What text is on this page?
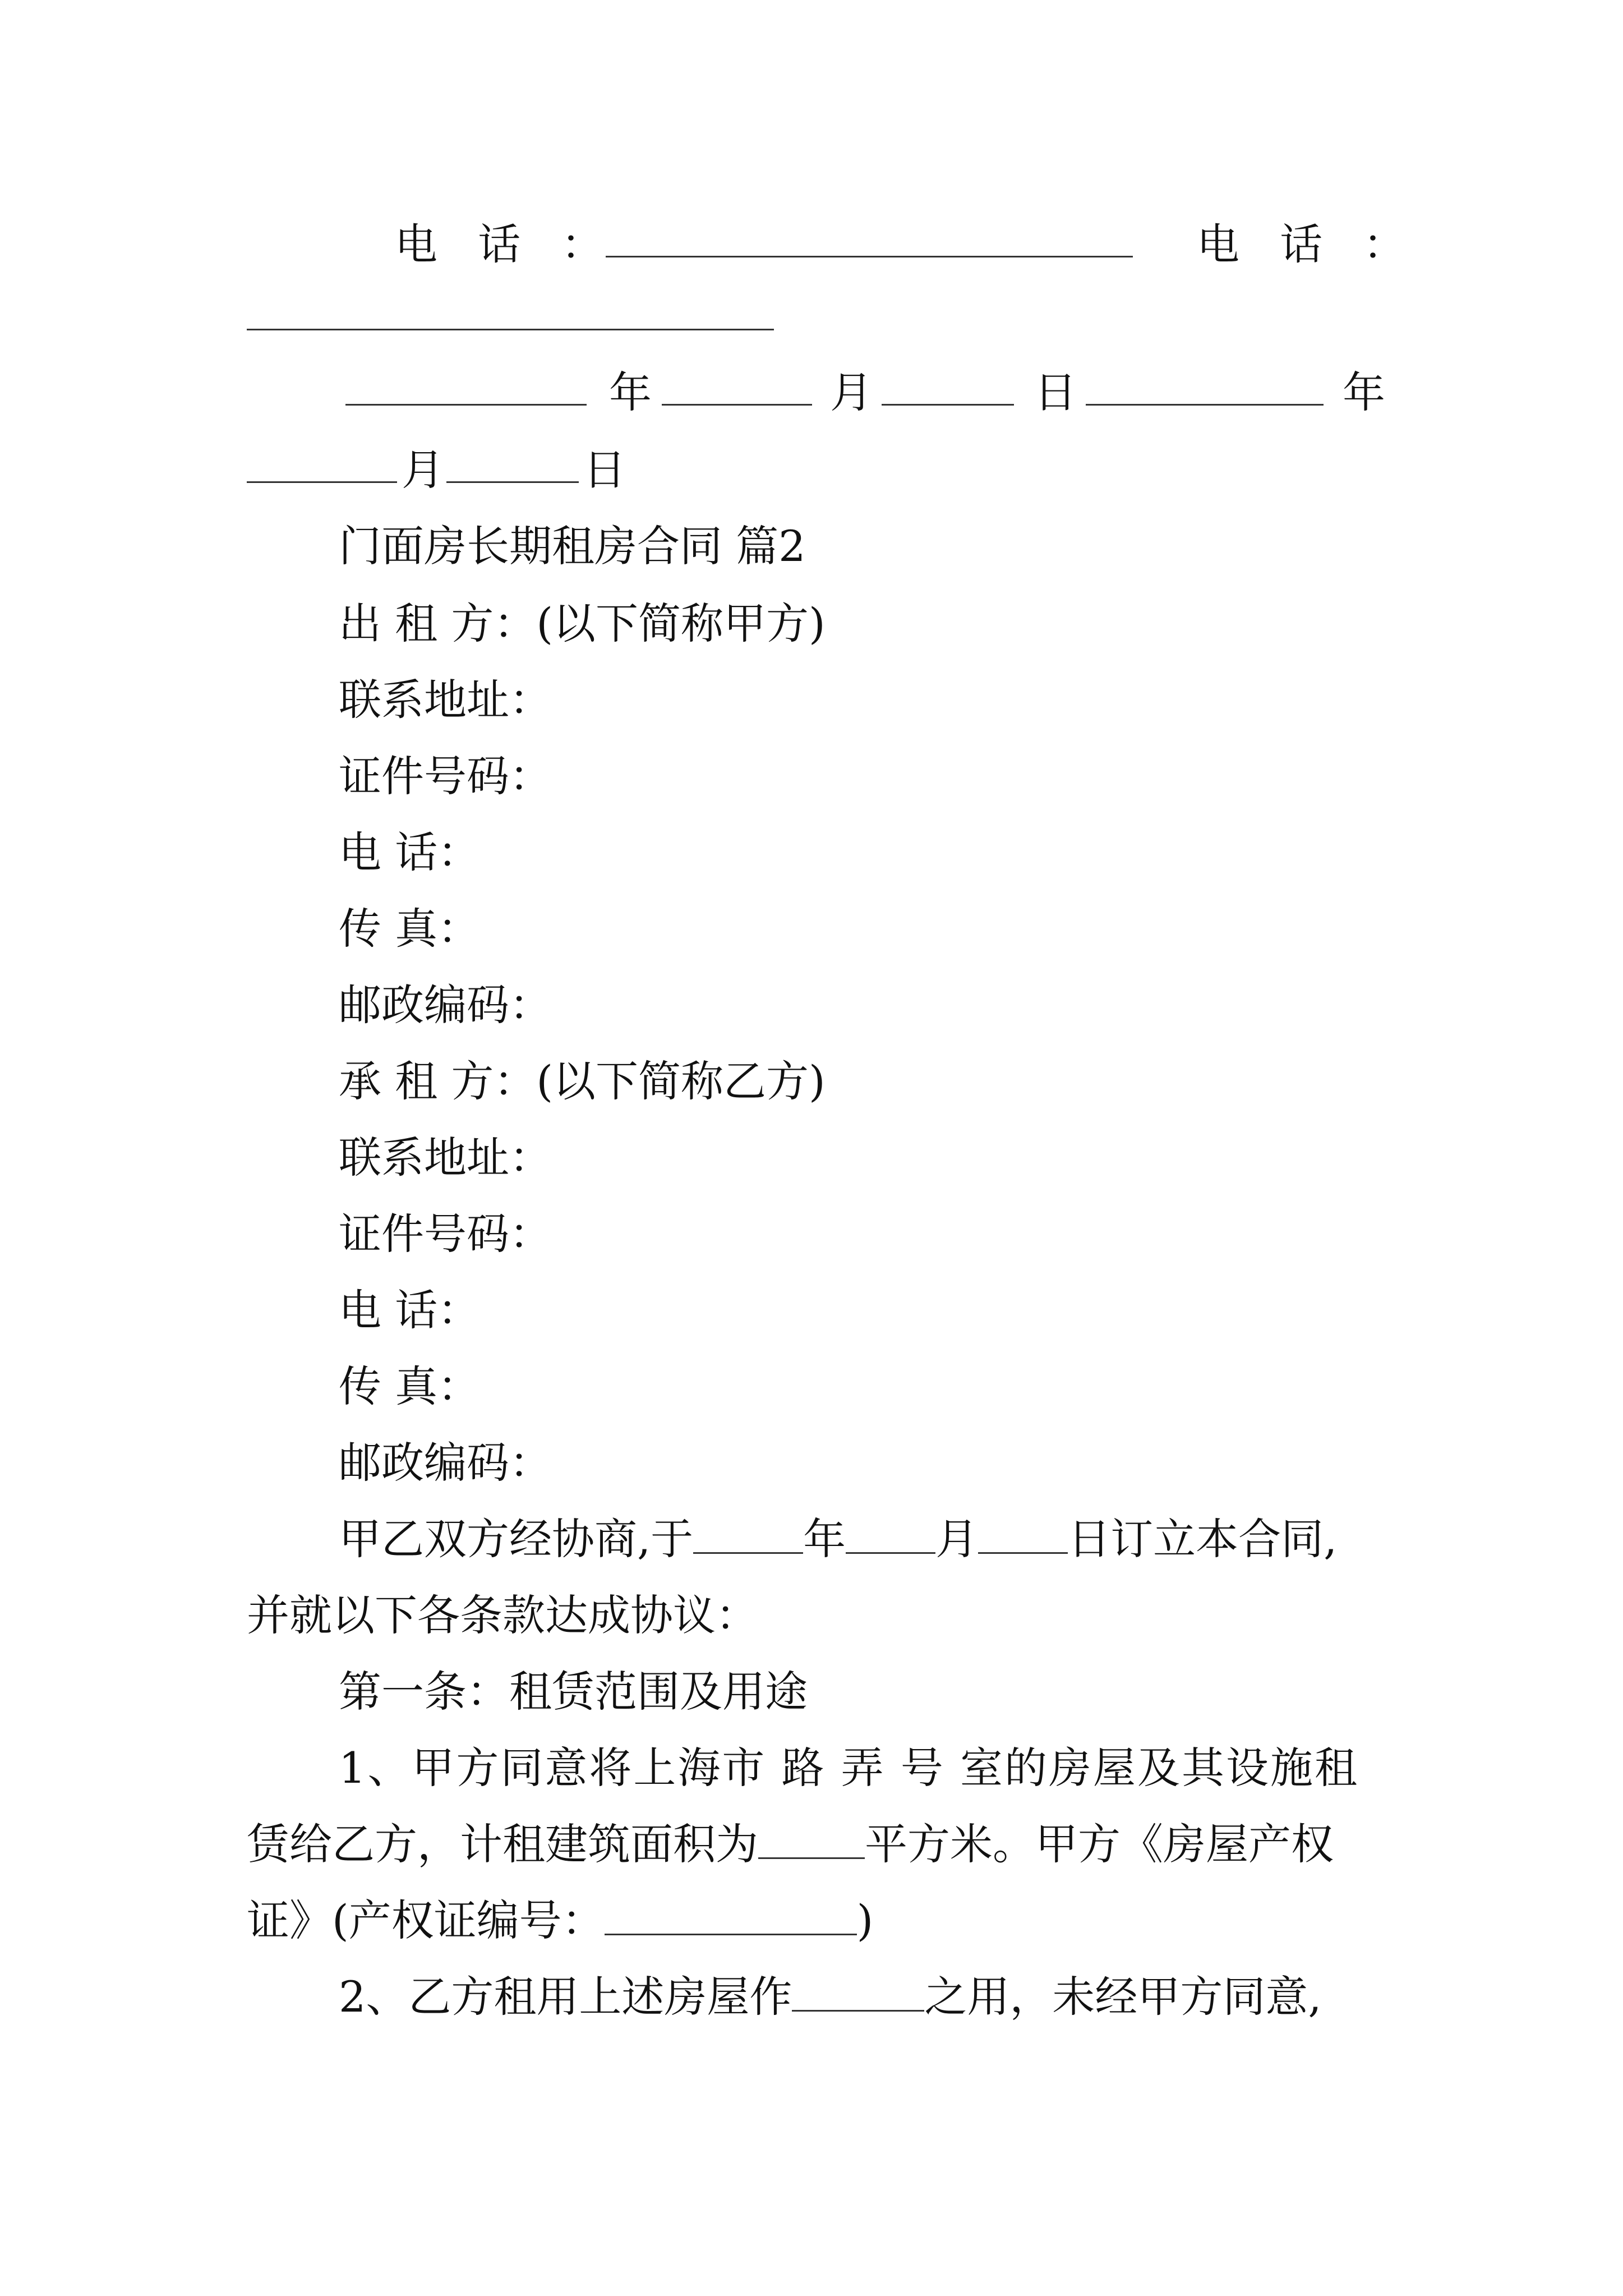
电 话 ：	电 话 ：
年	月	日	年
月	日
门面房长期租房合同 篇2
出 租 方：(以下简称甲方)
联系地址：
证件号码：
电 话：
传 真：
邮政编码：
承 租 方：(以下简称乙方)
联系地址：
证件号码：
电 话：
传 真：
邮政编码：
甲乙双方经协商,于	年 月 日订立本合同,
并就以下各条款达成协议：
第一条：租赁范围及用途
1、甲方同意将上海市 路 弄 号 室的房屋及其设施租
赁给乙方，计租建筑面积为	平方米。甲方《房屋产权
证》(产权证编号：	)
2、乙方租用上述房屋作	之用，未经甲方同意,
